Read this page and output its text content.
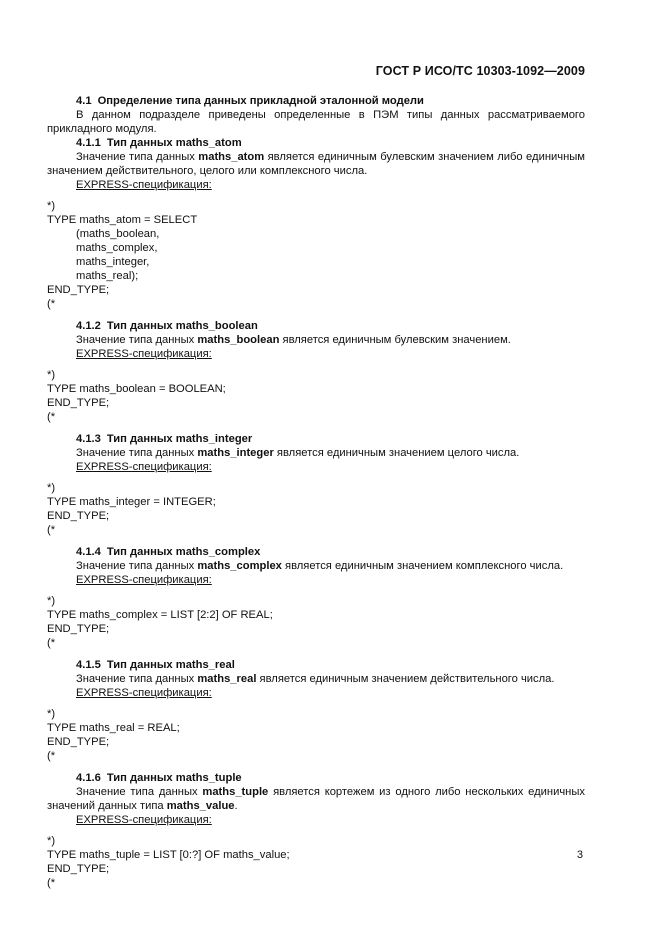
ГОСТ Р ИСО/ТС 10303-1092—2009

4.1 Определение типа данных прикладной эталонной модели

В данном подразделе приведены определенные в ПЭМ типы данных рассматриваемого прикладного модуля.

4.1.1 Тип данных maths_atom

Значение типа данных maths_atom является единичным булевским значением либо единичным значением действительного, целого или комплексного числа.

EXPRESS-спецификация:

*)

TYPE maths_atom = SELECT

(maths_boolean,

maths_complex,

maths_integer,

maths_real);

END_TYPE;

(*

4.1.2 Тип данных maths_boolean

Значение типа данных maths_boolean является единичным булевским значением.

EXPRESS-спецификация:

*)

TYPE maths_boolean = BOOLEAN;

END_TYPE;

(*

4.1.3 Тип данных maths_integer

Значение типа данных maths_integer является единичным значением целого числа.

EXPRESS-спецификация:

*)

TYPE maths_integer = INTEGER;

END_TYPE;

(*

4.1.4 Тип данных maths_complex

Значение типа данных maths_complex является единичным значением комплексного числа.

EXPRESS-спецификация:

*)

TYPE maths_complex = LIST [2:2] OF REAL;

END_TYPE;

(*

4.1.5 Тип данных maths_real

Значение типа данных maths_real является единичным значением действительного числа.

EXPRESS-спецификация:

*)

TYPE maths_real = REAL;

END_TYPE;

(*

4.1.6 Тип данных maths_tuple

Значение типа данных maths_tuple является кортежем из одного либо нескольких единичных значений данных типа maths_value.

EXPRESS-спецификация:

*)

TYPE maths_tuple = LIST [0:?] OF maths_value;

END_TYPE;

(*

3
